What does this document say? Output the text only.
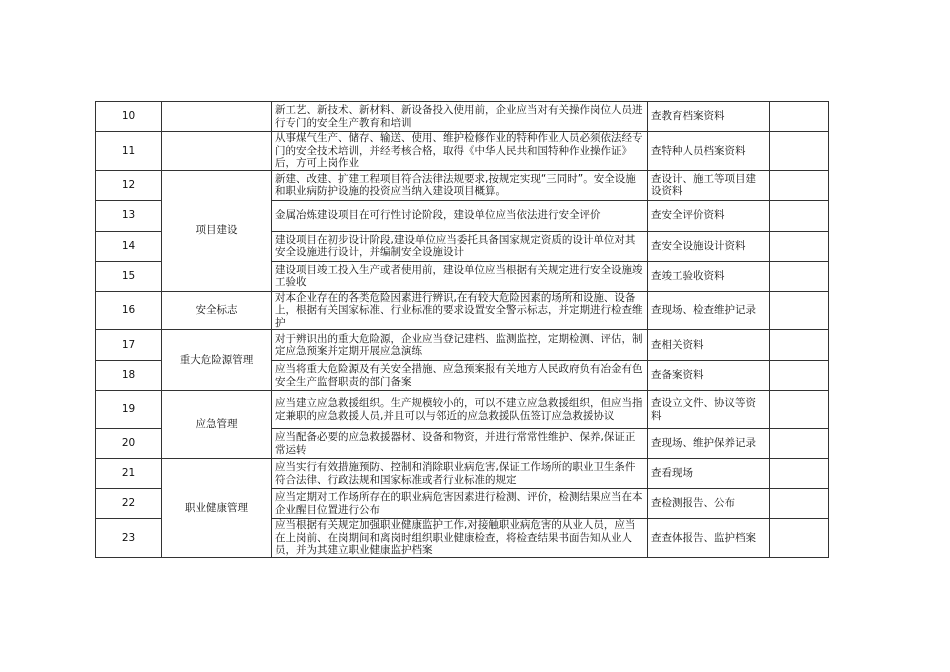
10		新工艺、新技术、新材料、新设备投入使用前，企业应当对有关操作岗位人员进行专门的安全生产教育和培训	查教育档案资料	
11		从事煤气生产、储存、输送、使用、维护检修作业的特种作业人员必须依法经专门的安全技术培训，并经考核合格，取得《中华人民共和国特种作业操作证》后，方可上岗作业	查特种人员档案资料	
12	项目建设	新建、改建、扩建工程项目符合法律法规要求,按规定实现“三同时”。安全设施和职业病防护设施的投资应当纳入建设项目概算。	查设计、施工等项目建设资料	
13		金属冶炼建设项目在可行性讨论阶段，建设单位应当依法进行安全评价	查安全评价资料	
14		建设项目在初步设计阶段,建设单位应当委托具备国家规定资质的设计单位对其安全设施进行设计，并编制安全设施设计	查安全设施设计资料	
15		建设项目竣工投入生产或者使用前，建设单位应当根据有关规定进行安全设施竣工验收	查竣工验收资料	
16	安全标志	对本企业存在的各类危险因素进行辨识,在有较大危险因素的场所和设施、设备上，根据有关国家标准、行业标准的要求设置安全警示标志，并定期进行检查维护	查现场、检查维护记录	
17	重大危险源管理	对于辨识出的重大危险源，企业应当登记建档、监测监控，定期检测、评估，制定应急预案并定期开展应急演练	查相关资料	
18		应当将重大危险源及有关安全措施、应急预案报有关地方人民政府负有冶金有色安全生产监督职责的部门备案	查备案资料	
19	应急管理	应当建立应急救援组织。生产规模较小的，可以不建立应急救援组织，但应当指定兼职的应急救援人员,并且可以与邻近的应急救援队伍签订应急救援协议	查设立文件、协议等资料	
20		应当配备必要的应急救援器材、设备和物资，并进行常常性维护、保养,保证正常运转	查现场、维护保养记录	
21	职业健康管理	应当实行有效措施预防、控制和消除职业病危害,保证工作场所的职业卫生条件符合法律、行政法规和国家标准或者行业标准的规定	查看现场	
22		应当定期对工作场所存在的职业病危害因素进行检测、评价，检测结果应当在本企业醒目位置进行公布	查检测报告、公布	
23		应当根据有关规定加强职业健康监护工作,对接触职业病危害的从业人员，应当在上岗前、在岗期间和离岗时组织职业健康检查，将检查结果书面告知从业人员，并为其建立职业健康监护档案	查查体报告、监护档案	
